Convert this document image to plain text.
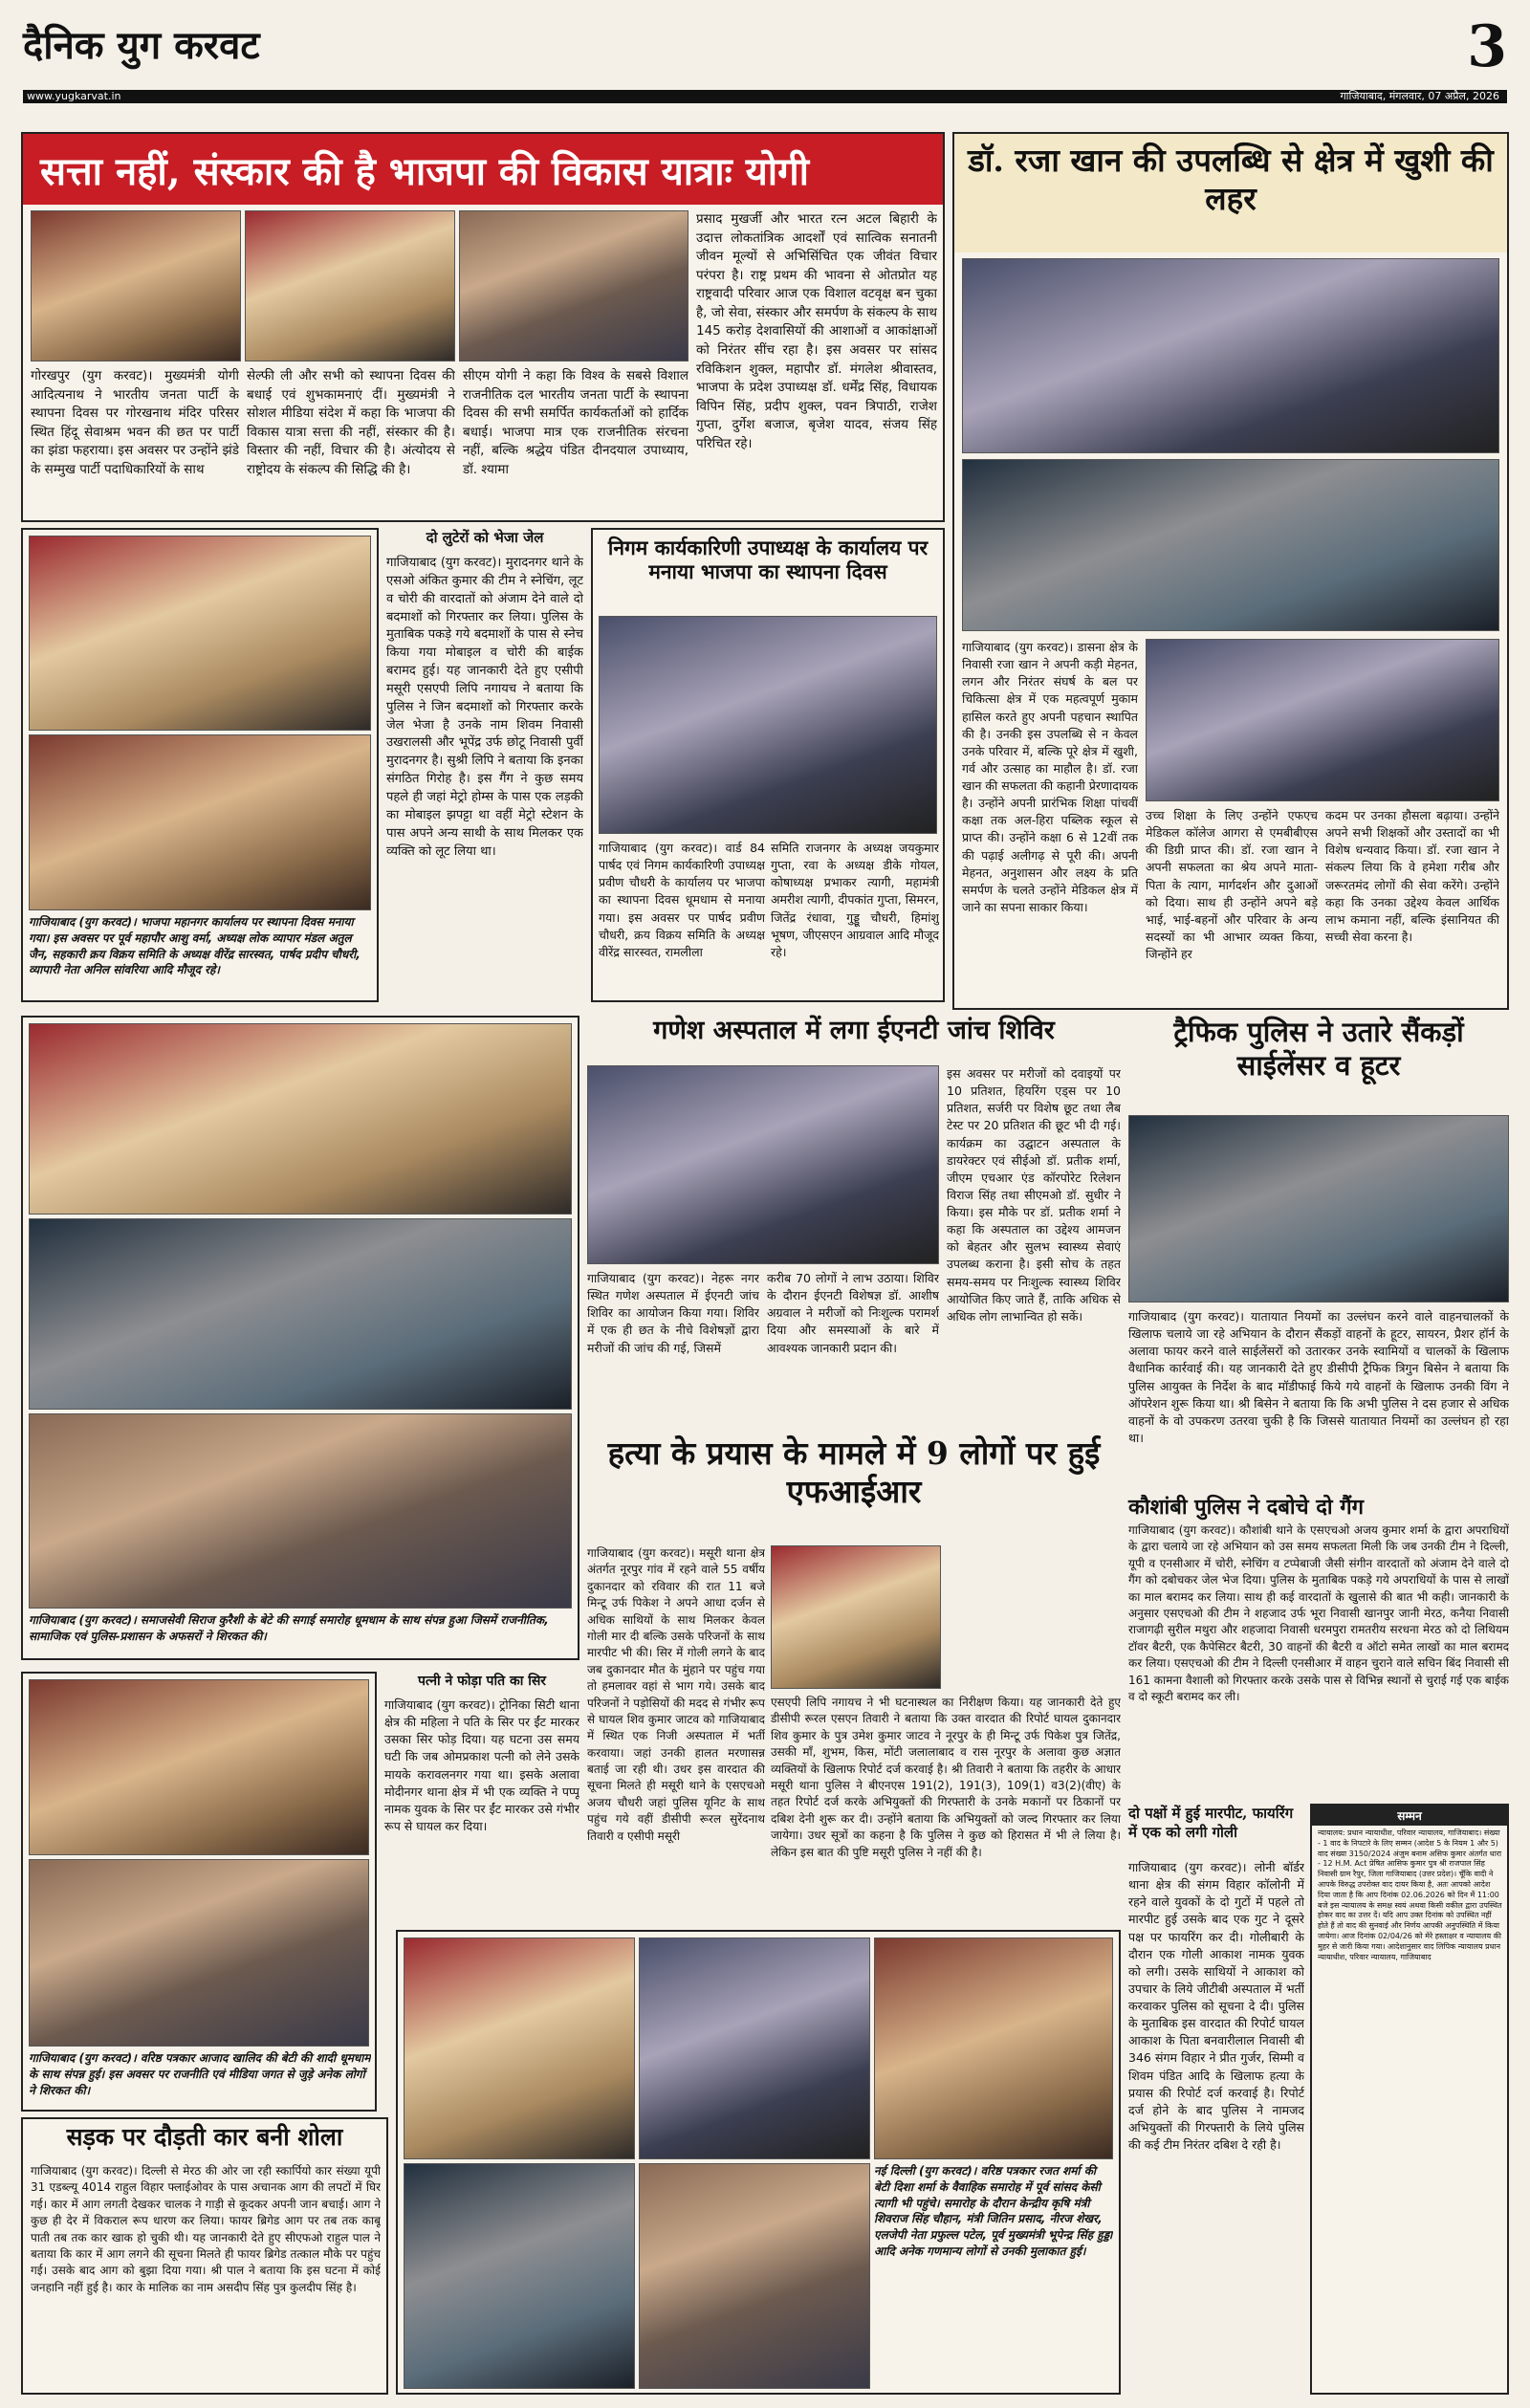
दैनिक युग करवट	3
www.yugkarvat.in	गाजियाबाद, मंगलवार, 07 अप्रैल, 2026
सत्ता नहीं, संस्कार की है भाजपा की विकास यात्राः योगी
गोरखपुर (युग करवट)। मुख्यमंत्री योगी आदित्यनाथ ने भारतीय जनता पार्टी के स्थापना दिवस पर गोरखनाथ मंदिर परिसर स्थित हिंदू सेवाश्रम भवन की छत पर पार्टी का झंडा फहराया। इस अवसर पर उन्होंने झंडे के सम्मुख पार्टी पदाधिकारियों के साथ
सेल्फी ली और सभी को स्थापना दिवस की बधाई एवं शुभकामनाएं दीं। मुख्यमंत्री ने सोशल मीडिया संदेश में कहा कि भाजपा की विकास यात्रा सत्ता की नहीं, संस्कार की है। विस्तार की नहीं, विचार की है। अंत्योदय से राष्ट्रोदय के संकल्प की सिद्धि की है।
सीएम योगी ने कहा कि विश्व के सबसे विशाल राजनीतिक दल भारतीय जनता पार्टी के स्थापना दिवस की सभी समर्पित कार्यकर्ताओं को हार्दिक बधाई। भाजपा मात्र एक राजनीतिक संरचना नहीं, बल्कि श्रद्धेय पंडित दीनदयाल उपाध्याय, डॉ. श्यामा
प्रसाद मुखर्जी और भारत रत्न अटल बिहारी के उदात्त लोकतांत्रिक आदर्शों एवं सात्विक सनातनी जीवन मूल्यों से अभिसिंचित एक जीवंत विचार परंपरा है। राष्ट्र प्रथम की भावना से ओतप्रोत यह राष्ट्रवादी परिवार आज एक विशाल वटवृक्ष बन चुका है, जो सेवा, संस्कार और समर्पण के संकल्प के साथ 145 करोड़ देशवासियों की आशाओं व आकांक्षाओं को निरंतर सींच रहा है। इस अवसर पर सांसद रविकिशन शुक्ल, महापौर डॉ. मंगलेश श्रीवास्तव, भाजपा के प्रदेश उपाध्यक्ष डॉ. धर्मेंद्र सिंह, विधायक विपिन सिंह, प्रदीप शुक्ल, पवन त्रिपाठी, राजेश गुप्ता, दुर्गेश बजाज, बृजेश यादव, संजय सिंह परिचित रहे।
डॉ. रजा खान की उपलब्धि से क्षेत्र में खुशी की लहर
गाजियाबाद (युग करवट)। डासना क्षेत्र के निवासी रजा खान ने अपनी कड़ी मेहनत, लगन और निरंतर संघर्ष के बल पर चिकित्सा क्षेत्र में एक महत्वपूर्ण मुकाम हासिल करते हुए अपनी पहचान स्थापित की है। उनकी इस उपलब्धि से न केवल उनके परिवार में, बल्कि पूरे क्षेत्र में खुशी, गर्व और उत्साह का माहौल है। डॉ. रजा खान की सफलता की कहानी प्रेरणादायक है। उन्होंने अपनी प्रारंभिक शिक्षा पांचवीं कक्षा तक अल-हिरा पब्लिक स्कूल से प्राप्त की। उन्होंने कक्षा 6 से 12वीं तक की पढ़ाई अलीगढ़ से पूरी की। अपनी मेहनत, अनुशासन और लक्ष्य के प्रति समर्पण के चलते उन्होंने मेडिकल क्षेत्र में जाने का सपना साकार किया।
उच्च शिक्षा के लिए उन्होंने एफएच मेडिकल कॉलेज आगरा से एमबीबीएस की डिग्री प्राप्त की। डॉ. रजा खान ने अपनी सफलता का श्रेय अपने माता-पिता के त्याग, मार्गदर्शन और दुआओं को दिया। साथ ही उन्होंने अपने बड़े भाई, भाई-बहनों और परिवार के अन्य सदस्यों का भी आभार व्यक्त किया, जिन्होंने हर
कदम पर उनका हौसला बढ़ाया। उन्होंने अपने सभी शिक्षकों और उस्तादों का भी विशेष धन्यवाद किया। डॉ. रजा खान ने संकल्प लिया कि वे हमेशा गरीब और जरूरतमंद लोगों की सेवा करेंगे। उन्होंने कहा कि उनका उद्देश्य केवल आर्थिक लाभ कमाना नहीं, बल्कि इंसानियत की सच्ची सेवा करना है।
गाजियाबाद (युग करवट)। भाजपा महानगर कार्यालय पर स्थापना दिवस मनाया गया। इस अवसर पर पूर्व महापौर आशु वर्मा, अध्यक्ष लोक व्यापार मंडल अतुल जैन, सहकारी क्रय विक्रय समिति के अध्यक्ष वीरेंद्र सारस्वत, पार्षद प्रदीप चौधरी, व्यापारी नेता अनिल सांवरिया आदि मौजूद रहे।
दो लुटेरों को भेजा जेल
गाजियाबाद (युग करवट)। मुरादनगर थाने के एसओ अंकित कुमार की टीम ने स्नेचिंग, लूट व चोरी की वारदातों को अंजाम देने वाले दो बदमाशों को गिरफ्तार कर लिया। पुलिस के मुताबिक पकड़े गये बदमाशों के पास से स्नेच किया गया मोबाइल व चोरी की बाईक बरामद हुई। यह जानकारी देते हुए एसीपी मसूरी एसएपी लिपि नगायच ने बताया कि पुलिस ने जिन बदमाशों को गिरफ्तार करके जेल भेजा है उनके नाम शिवम निवासी उखरालसी और भूपेंद्र उर्फ छोटू निवासी पुर्वी मुरादनगर है। सुश्री लिपि ने बताया कि इनका संगठित गिरोह है। इस गैंग ने कुछ समय पहले ही जहां मेट्रो होम्स के पास एक लड़की का मोबाइल झपट्टा था वहीं मेट्रो स्टेशन के पास अपने अन्य साथी के साथ मिलकर एक व्यक्ति को लूट लिया था।
निगम कार्यकारिणी उपाध्यक्ष के कार्यालय पर मनाया भाजपा का स्थापना दिवस
गाजियाबाद (युग करवट)। वार्ड 84 पार्षद एवं निगम कार्यकारिणी उपाध्यक्ष प्रवीण चौधरी के कार्यालय पर भाजपा का स्थापना दिवस धूमधाम से मनाया गया। इस अवसर पर पार्षद प्रवीण चौधरी, क्रय विक्रय समिति के अध्यक्ष वीरेंद्र सारस्वत, रामलीला
समिति राजनगर के अध्यक्ष जयकुमार गुप्ता, रवा के अध्यक्ष डीके गोयल, कोषाध्यक्ष प्रभाकर त्यागी, महामंत्री अमरीश त्यागी, दीपकांत गुप्ता, सिमरन, जितेंद्र रंधावा, गुड्डू चौधरी, हिमांशु भूषण, जीएसएन आग्रवाल आदि मौजूद रहे।
गाजियाबाद (युग करवट)। समाजसेवी सिराज कुरैशी के बेटे की सगाई समारोह धूमधाम के साथ संपन्न हुआ जिसमें राजनीतिक, सामाजिक एवं पुलिस-प्रशासन के अफसरों ने शिरकत की।
गणेश अस्पताल में लगा ईएनटी जांच शिविर
इस अवसर पर मरीजों को दवाइयों पर 10 प्रतिशत, हियरिंग एड्स पर 10 प्रतिशत, सर्जरी पर विशेष छूट तथा लैब टेस्ट पर 20 प्रतिशत की छूट भी दी गई। कार्यक्रम का उद्घाटन अस्पताल के डायरेक्टर एवं सीईओ डॉ. प्रतीक शर्मा, जीएम एचआर एंड कॉरपोरेट रिलेशन विराज सिंह तथा सीएमओ डॉ. सुधीर ने किया। इस मौके पर डॉ. प्रतीक शर्मा ने कहा कि अस्पताल का उद्देश्य आमजन को बेहतर और सुलभ स्वास्थ्य सेवाएं उपलब्ध कराना है। इसी सोच के तहत समय-समय पर निःशुल्क स्वास्थ्य शिविर आयोजित किए जाते हैं, ताकि अधिक से अधिक लोग लाभान्वित हो सकें।
गाजियाबाद (युग करवट)। नेहरू नगर स्थित गणेश अस्पताल में ईएनटी जांच शिविर का आयोजन किया गया। शिविर में एक ही छत के नीचे विशेषज्ञों द्वारा मरीजों की जांच की गई, जिसमें
करीब 70 लोगों ने लाभ उठाया। शिविर के दौरान ईएनटी विशेषज्ञ डॉ. आशीष अग्रवाल ने मरीजों को निःशुल्क परामर्श दिया और समस्याओं के बारे में आवश्यक जानकारी प्रदान की।
ट्रैफिक पुलिस ने उतारे सैंकड़ों साईलेंसर व हूटर
गाजियाबाद (युग करवट)। यातायात नियमों का उल्लंघन करने वाले वाहनचालकों के खिलाफ चलाये जा रहे अभियान के दौरान सैंकड़ों वाहनों के हूटर, सायरन, प्रैशर हॉर्न के अलावा फायर करने वाले साईलेंसरों को उतारकर उनके स्वामियों व चालकों के खिलाफ वैधानिक कार्रवाई की। यह जानकारी देते हुए डीसीपी ट्रैफिक त्रिगुन बिसेन ने बताया कि पुलिस आयुक्त के निर्देश के बाद मॉडीफाई किये गये वाहनों के खिलाफ उनकी विंग ने ऑपरेशन शुरू किया था। श्री बिसेन ने बताया कि कि अभी पुलिस ने दस हजार से अधिक वाहनों के वो उपकरण उतरवा चुकी है कि जिससे यातायात नियमों का उल्लंघन हो रहा था।
हत्या के प्रयास के मामले में 9 लोगों पर हुई एफआईआर
गाजियाबाद (युग करवट)। मसूरी थाना क्षेत्र अंतर्गत नूरपुर गांव में रहने वाले 55 वर्षीय दुकानदार को रविवार की रात 11 बजे मिन्टू उर्फ पिकेश ने अपने आधा दर्जन से अधिक साथियों के साथ मिलकर केवल गोली मार दी बल्कि उसके परिजनों के साथ मारपीट भी की। सिर में गोली लगने के बाद जब दुकानदार मौत के मुंहाने पर पहुंच गया तो हमलावर वहां से भाग गये। उसके बाद परिजनों ने पड़ोसियों की मदद से गंभीर रूप से घायल शिव कुमार जाटव को गाजियाबाद में स्थित एक निजी अस्पताल में भर्ती करवाया। जहां उनकी हालत मरणासन्न बताई जा रही थी। उधर इस वारदात की सूचना मिलते ही मसूरी थाने के एसएचओ अजय चौधरी जहां पुलिस यूनिट के साथ पहुंच गये वहीं डीसीपी रूरल सुरेंदनाथ तिवारी व एसीपी मसूरी
एसएपी लिपि नगायच ने भी घटनास्थल का निरीक्षण किया। यह जानकारी देते हुए डीसीपी रूरल एसएन तिवारी ने बताया कि उक्त वारदात की रिपोर्ट घायल दुकानदार शिव कुमार के पुत्र उमेश कुमार जाटव ने नूरपुर के ही मिन्टू उर्फ पिकेश पुत्र जितेंद्र, उसकी माँ, शुभम, किस, मोंटी जलालाबाद व रास नूरपुर के अलावा कुछ अज्ञात व्यक्तियों के खिलाफ रिपोर्ट दर्ज करवाई है। श्री तिवारी ने बताया कि तहरीर के आधार मसूरी थाना पुलिस ने बीएनएस 191(2), 191(3), 109(1) व3(2)(वीए) के तहत रिपोर्ट दर्ज करके अभियुक्तों की गिरफ्तारी के उनके मकानों पर ठिकानों पर दबिश देनी शुरू कर दी। उन्होंने बताया कि अभियुक्तों को जल्द गिरफ्तार कर लिया जायेगा। उधर सूत्रों का कहना है कि पुलिस ने कुछ को हिरासत में भी ले लिया है। लेकिन इस बात की पुष्टि मसूरी पुलिस ने नहीं की है।
कौशांबी पुलिस ने दबोचे दो गैंग
गाजियाबाद (युग करवट)। कौशांबी थाने के एसएचओ अजय कुमार शर्मा के द्वारा अपराधियों के द्वारा चलाये जा रहे अभियान को उस समय सफलता मिली कि जब उनकी टीम ने दिल्ली, यूपी व एनसीआर में चोरी, स्नेचिंग व टप्पेबाजी जैसी संगीन वारदातों को अंजाम देने वाले दो गैंग को दबोचकर जेल भेज दिया। पुलिस के मुताबिक पकड़े गये अपराधियों के पास से लाखों का माल बरामद कर लिया। साथ ही कई वारदातों के खुलासे की बात भी कही। जानकारी के अनुसार एसएचओ की टीम ने शहजाद उर्फ भूरा निवासी खानपुर जानी मेरठ, कनैया निवासी राजागढ़ी सुरील मथुरा और शहजादा निवासी धरमपुरा रामतरीय सरधना मेरठ को दो लिथियम टॉवर बैटरी, एक कैपेसिटर बैटरी, 30 वाहनों की बैटरी व ऑटो समेत लाखों का माल बरामद कर लिया। एसएचओ की टीम ने दिल्ली एनसीआर में वाहन चुराने वाले सचिन बिंद निवासी सी 161 कामना वैशाली को गिरफ्तार करके उसके पास से विभिन्न स्थानों से चुराई गई एक बाईक व दो स्कूटी बरामद कर ली।
गाजियाबाद (युग करवट)। वरिष्ठ पत्रकार आजाद खालिद की बेटी की शादी धूमधाम के साथ संपन्न हुई। इस अवसर पर राजनीति एवं मीडिया जगत से जुड़े अनेक लोगों ने शिरकत की।
पत्नी ने फोड़ा पति का सिर
गाजियाबाद (युग करवट)। ट्रोनिका सिटी थाना क्षेत्र की महिला ने पति के सिर पर ईंट मारकर उसका सिर फोड़ दिया। यह घटना उस समय घटी कि जब ओमप्रकाश पत्नी को लेने उसके मायके करावलनगर गया था। इसके अलावा मोदीनगर थाना क्षेत्र में भी एक व्यक्ति ने पप्पू नामक युवक के सिर पर ईंट मारकर उसे गंभीर रूप से घायल कर दिया।
सड़क पर दौड़ती कार बनी शोला
गाजियाबाद (युग करवट)। दिल्ली से मेरठ की ओर जा रही स्कार्पियो कार संख्या यूपी 31 एडब्ल्यू 4014 राहुल विहार फ्लाईओवर के पास अचानक आग की लपटों में घिर गई। कार में आग लगती देखकर चालक ने गाड़ी से कूदकर अपनी जान बचाई। आग ने कुछ ही देर में विकराल रूप धारण कर लिया। फायर ब्रिगेड आग पर तब तक काबू पाती तब तक कार खाक हो चुकी थी। यह जानकारी देते हुए सीएफओ राहुल पाल ने बताया कि कार में आग लगने की सूचना मिलते ही फायर ब्रिगेड तत्काल मौके पर पहुंच गई। उसके बाद आग को बुझा दिया गया। श्री पाल ने बताया कि इस घटना में कोई जनहानि नहीं हुई है। कार के मालिक का नाम असदीप सिंह पुत्र कुलदीप सिंह है।
नई दिल्ली (युग करवट)। वरिष्ठ पत्रकार रजत शर्मा की बेटी दिशा शर्मा के वैवाहिक समारोह में पूर्व सांसद केसी त्यागी भी पहुंचे। समारोह के दौरान केन्द्रीय कृषि मंत्री शिवराज सिंह चौहान, मंत्री जितिन प्रसाद, नीरज शेखर, एलजेपी नेता प्रफुल्ल पटेल, पूर्व मुख्यमंत्री भूपेन्द्र सिंह हुड्डा आदि अनेक गणमान्य लोगों से उनकी मुलाकात हुई।
दो पक्षों में हुई मारपीट, फायरिंग में एक को लगी गोली
गाजियाबाद (युग करवट)। लोनी बॉर्डर थाना क्षेत्र की संगम विहार कॉलोनी में रहने वाले युवकों के दो गुटों में पहले तो मारपीट हुई उसके बाद एक गुट ने दूसरे पक्ष पर फायरिंग कर दी। गोलीबारी के दौरान एक गोली आकाश नामक युवक को लगी। उसके साथियों ने आकाश को उपचार के लिये जीटीबी अस्पताल में भर्ती करवाकर पुलिस को सूचना दे दी। पुलिस के मुताबिक इस वारदात की रिपोर्ट घायल आकाश के पिता बनवारीलाल निवासी बी 346 संगम विहार ने प्रीत गुर्जर, सिम्मी व शिवम पंडित आदि के खिलाफ हत्या के प्रयास की रिपोर्ट दर्ज करवाई है। रिपोर्ट दर्ज होने के बाद पुलिस ने नामजद अभियुक्तों की गिरफ्तारी के लिये पुलिस की कई टीम निरंतर दबिश दे रही है।
सम्मन
न्यायालय: प्रधान न्यायाधीश, परिवार न्यायालय, गाजियाबाद। संख्या - 1 वाद के निपटारे के लिए सम्मन (आदेश 5 के नियम 1 और 5) वाद संख्या 3150/2024 अंजुम बनाम असिफ कुमार अंतर्गत धारा - 12 H.M. Act प्रेषित आसिफ कुमार पुत्र श्री राजपाल सिंह निवासी ग्राम रैपुर, जिला गाजियाबाद (उत्तर प्रदेश)। चूँकि वादी ने आपके विरुद्ध उपरोक्त वाद दायर किया है, अतः आपको आदेश दिया जाता है कि आप दिनांक 02.06.2026 को दिन में 11:00 बजे इस न्यायालय के समक्ष स्वयं अथवा किसी वकील द्वारा उपस्थित होकर वाद का उत्तर दें। यदि आप उक्त दिनांक को उपस्थित नहीं होते हैं तो वाद की सुनवाई और निर्णय आपकी अनुपस्थिति में किया जायेगा। आज दिनांक 02/04/26 को मेरे हस्ताक्षर व न्यायालय की मुहर से जारी किया गया। आदेशानुसार वाद लिपिक न्यायालय प्रधान न्यायाधीश, परिवार न्यायालय, गाजियाबाद
